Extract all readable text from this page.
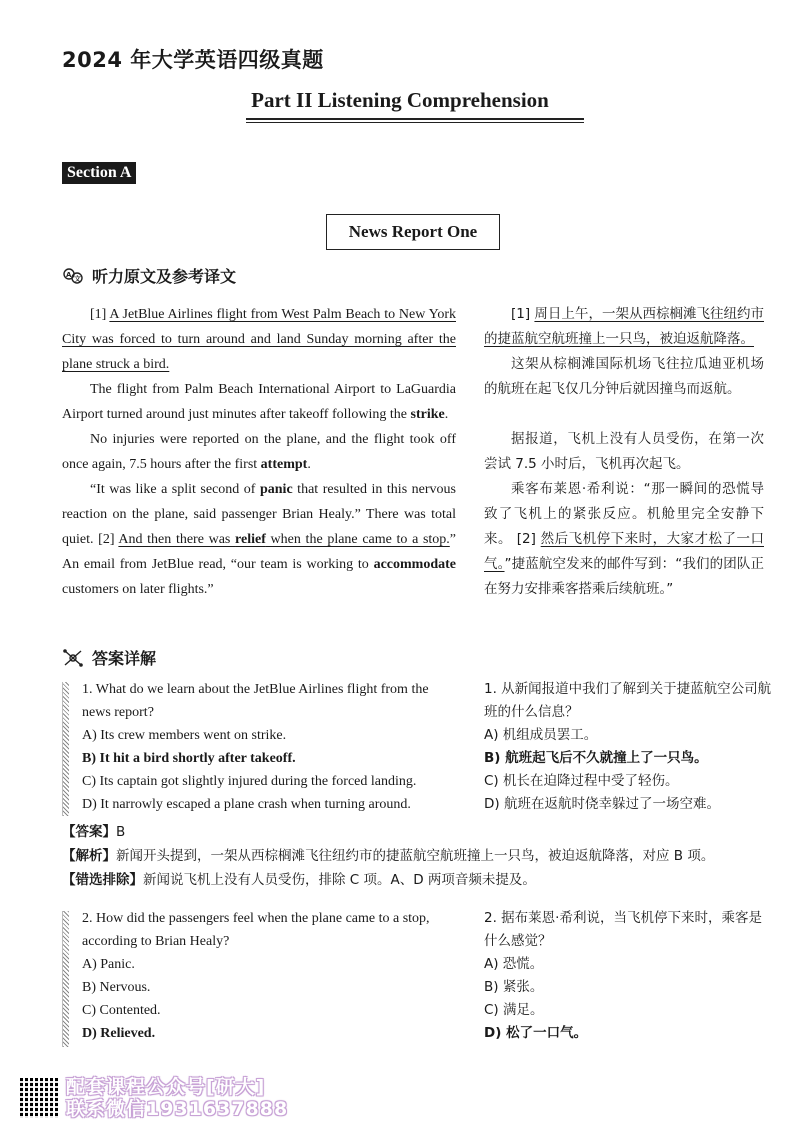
2024 年大学英语四级真题
Part II Listening Comprehension
Section A
News Report One
A 文 听力原文及参考译文

[1] A JetBlue Airlines flight from West Palm Beach to New York City was forced to turn around and land Sunday morning after the plane struck a bird.

The flight from Palm Beach International Airport to LaGuardia Airport turned around just minutes after takeoff following the strike.

No injuries were reported on the plane, and the flight took off once again, 7.5 hours after the first attempt.

“It was like a split second of panic that resulted in this nervous reaction on the plane, said passenger Brian Healy.” There was total quiet. [2] And then there was relief when the plane came to a stop.” An email from JetBlue read, “our team is working to accommodate customers on later flights.”

[1] 周日上午，一架从西棕榈滩飞往纽约市的捷蓝航空航班撞上一只鸟，被迫返航降落。

这架从棕榈滩国际机场飞往拉瓜迪亚机场的航班在起飞仅几分钟后就因撞鸟而返航。

据报道，飞机上没有人员受伤，在第一次尝试 7.5 小时后，飞机再次起飞。

乘客布莱恩·希利说：“那一瞬间的恐慌导致了飞机上的紧张反应。机舱里完全安静下来。 [2] 然后飞机停下来时，大家才松了一口气。”捷蓝航空发来的邮件写到：“我们的团队正在努力安排乘客搭乘后续航班。”

答案详解
1. What do we learn about the JetBlue Airlines flight from the news report?
A) Its crew members went on strike.
B) It hit a bird shortly after takeoff.
C) Its captain got slightly injured during the forced landing.
D) It narrowly escaped a plane crash when turning around.
1. 从新闻报道中我们了解到关于捷蓝航空公司航班的什么信息？
A) 机组成员罢工。
B) 航班起飞后不久就撞上了一只鸟。
C) 机长在迫降过程中受了轻伤。
D) 航班在返航时侥幸躲过了一场空难。
【答案】B
【解析】新闻开头提到，一架从西棕榈滩飞往纽约市的捷蓝航空航班撞上一只鸟，被迫返航降落，对应 B 项。
【错选排除】新闻说飞机上没有人员受伤，排除 C 项。A、D 两项音频未提及。
2. How did the passengers feel when the plane came to a stop, according to Brian Healy?
A) Panic.
B) Nervous.
C) Contented.
D) Relieved.
2. 据布莱恩·希利说，当飞机停下来时，乘客是什么感觉？
A) 恐慌。
B) 紧张。
C) 满足。
D) 松了一口气。
配套课程公众号[研大]
联系微信1931637888
